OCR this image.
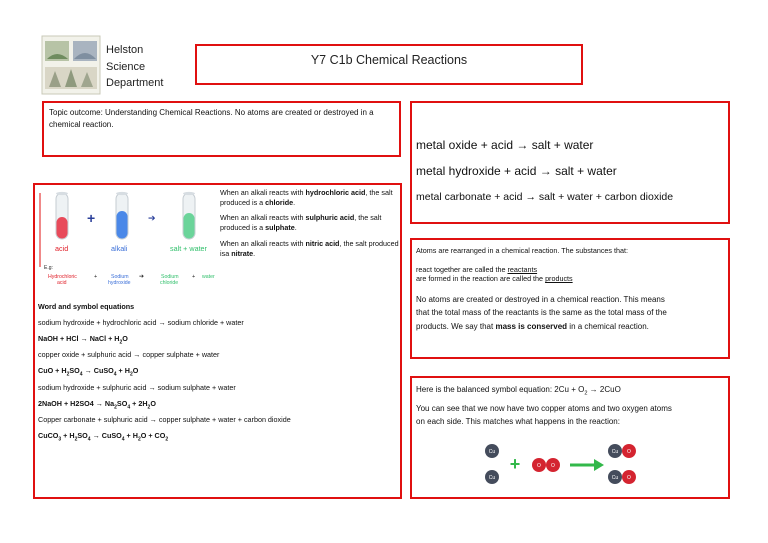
Helston
Science
Department
Y7 C1b Chemical Reactions
Topic outcome: Understanding Chemical Reactions. No atoms are created or destroyed in a chemical reaction.
metal oxide + acid → salt + water
metal hydroxide + acid → salt + water
metal carbonate + acid → salt + water + carbon dioxide
+	➔
acid	alkali	salt + water
E.g:
Hydrochloric acid
+	Sodium hydroxide
➔	Sodium chloride
+ water

When an alkali reacts with hydrochloric acid, the salt produced is a chloride.

When an alkali reacts with sulphuric acid, the salt produced is a sulphate.

When an alkali reacts with nitric acid, the salt produced isa nitrate.

Word and symbol equations

sodium hydroxide + hydrochloric acid → sodium chloride + water

NaOH + HCl → NaCl + $H_2O$

copper oxide + sulphuric acid → copper sulphate + water

CuO + $H_2SO_4$ → CuSO$_4$ + $H_2O$

sodium hydroxide + sulphuric acid → sodium sulphate + water

2NaOH + $H2SO4 \to Na_2SO_4 + 2H_2O$

Copper carbonate + sulphuric acid → copper sulphate + water + carbon dioxide

CuCO$_3$ + $H_2SO_4$ → CuSO$_4$ + $H_2O + CO_2$

Atoms are rearranged in a chemical reaction. The substances that:

react together are called the reactants

are formed in the reaction are called the products

No atoms are created or destroyed in a chemical reaction. This means

that the total mass of the reactants is the same as the total mass of the

products. We say that mass is conserved in a chemical reaction.

Here is the balanced symbol equation: $2Cu + O_2 \to 2CuO$

You can see that we now have two copper atoms and two oxygen atoms

on each side. This matches what happens in the reaction:

Cu
Cu
+	O O
Cu O
Cu O
